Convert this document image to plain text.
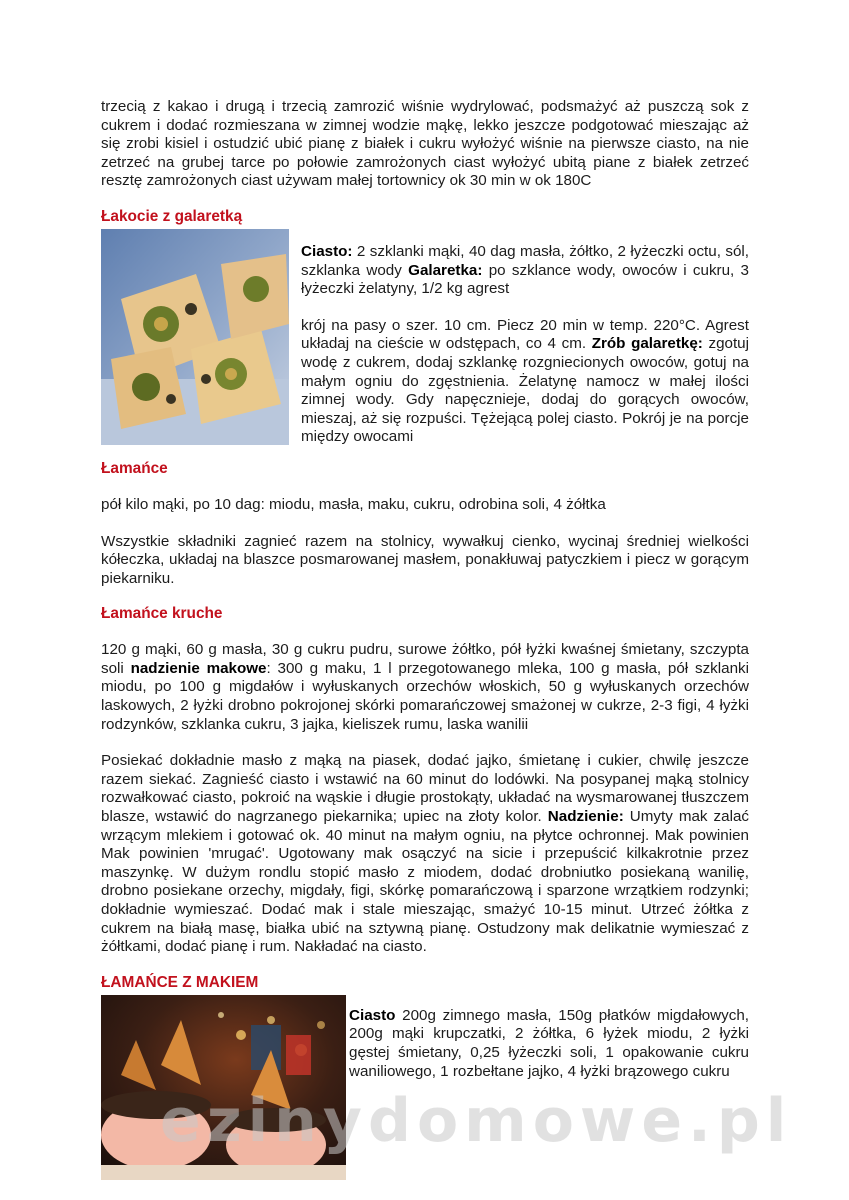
trzecią z kakao i drugą i trzecią zamrozić wiśnie wydrylować, podsmażyć aż puszczą sok z cukrem i dodać rozmieszana w zimnej wodzie mąkę, lekko jeszcze podgotować mieszając aż się zrobi kisiel i ostudzić ubić pianę z białek i cukru wyłożyć wiśnie na pierwsze ciasto, na nie zetrzeć na grubej tarce po połowie zamrożonych ciast wyłożyć ubitą piane z białek zetrzeć resztę zamrożonych ciast używam małej tortownicy ok 30 min w ok 180C

Łakocie z galaretką

Ciasto: 2 szklanki mąki, 40 dag masła, żółtko, 2 łyżeczki octu, sól, szklanka wody Galaretka: po szklance wody, owoców i cukru, 3 łyżeczki żelatyny, 1/2 kg agrest

krój na pasy o szer. 10 cm. Piecz 20 min w temp. 220°C. Agrest układaj na cieście w odstępach, co 4 cm. Zrób galaretkę: zgotuj wodę z cukrem, dodaj szklankę rozgniecionych owoców, gotuj na małym ogniu do zgęstnienia. Żelatynę namocz w małej ilości zimnej wody. Gdy napęcznieje, dodaj do gorących owoców, mieszaj, aż się rozpuści. Tężejącą polej ciasto. Pokrój je na porcje między owocami

Łamańce

pół kilo mąki, po 10 dag: miodu, masła, maku, cukru, odrobina soli, 4 żółtka

Wszystkie składniki zagnieć razem na stolnicy, wywałkuj cienko, wycinaj średniej wielkości kółeczka, układaj na blaszce posmarowanej masłem, ponakłuwaj patyczkiem i piecz w gorącym piekarniku.

Łamańce kruche

120 g mąki, 60 g masła, 30 g cukru pudru, surowe żółtko, pół łyżki kwaśnej śmietany, szczypta soli nadzienie makowe: 300 g maku, 1 l przegotowanego mleka, 100 g masła, pół szklanki miodu, po 100 g migdałów i wyłuskanych orzechów włoskich, 50 g wyłuskanych orzechów laskowych, 2 łyżki drobno pokrojonej skórki pomarańczowej smażonej w cukrze, 2-3 figi, 4 łyżki rodzynków, szklanka cukru, 3 jajka, kieliszek rumu, laska wanilii

Posiekać dokładnie masło z mąką na piasek, dodać jajko, śmietanę i cukier, chwilę jeszcze razem siekać. Zagnieść ciasto i wstawić na 60 minut do lodówki. Na posypanej mąką stolnicy rozwałkować ciasto, pokroić na wąskie i długie prostokąty, układać na wysmarowanej tłuszczem blasze, wstawić do nagrzanego piekarnika; upiec na złoty kolor. Nadzienie: Umyty mak zalać wrzącym mlekiem i gotować ok. 40 minut na małym ogniu, na płytce ochronnej. Mak powinien Mak powinien 'mrugać'. Ugotowany mak osączyć na sicie i przepuścić kilkakrotnie przez maszynkę. W dużym rondlu stopić masło z miodem, dodać drobniutko posiekaną wanilię, drobno posiekane orzechy, migdały, figi, skórkę pomarańczową i sparzone wrzątkiem rodzynki; dokładnie wymieszać. Dodać mak i stale mieszając, smażyć 10-15 minut. Utrzeć żółtka z cukrem na białą masę, białka ubić na sztywną pianę. Ostudzony mak delikatnie wymieszać z żółtkami, dodać pianę i rum. Nakładać na ciasto.

ŁAMAŃCE Z MAKIEM

Ciasto 200g zimnego masła, 150g płatków migdałowych, 200g mąki krupczatki, 2 żółtka, 6 łyżek miodu, 2 łyżki gęstej śmietany, 0,25 łyżeczki soli, 1 opakowanie cukru waniliowego, 1 rozbełtane jajko, 4 łyżki brązowego cukru

ezinydomowe.pl
